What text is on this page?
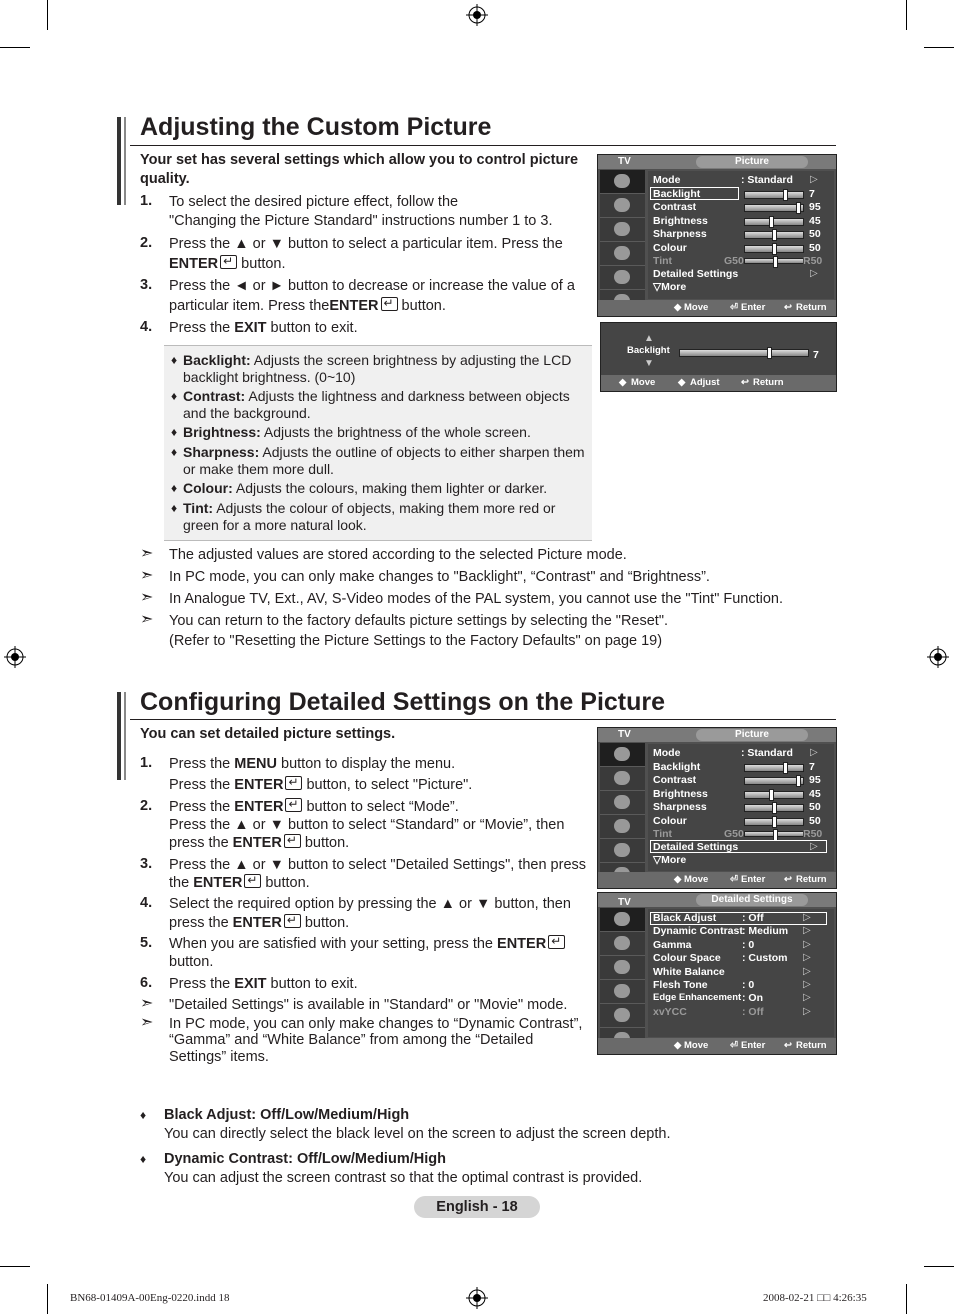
Adjusting the Custom Picture
Your set has several settings which allow you to control picture
quality.
1. To select the desired picture effect, follow the
"Changing the Picture Standard" instructions number 1 to 3.
2. Press the ▲ or ▼ button to select a particular item. Press the
ENTER↵ button.
3. Press the ◄ or ► button to decrease or increase the value of a
particular item. Press theENTER↵ button.
4. Press the EXIT button to exit.
♦ Backlight: Adjusts the screen brightness by adjusting the LCD
backlight brightness. (0~10)
♦ Contrast: Adjusts the lightness and darkness between objects
and the background.
♦ Brightness: Adjusts the brightness of the whole screen.
♦ Sharpness: Adjusts the outline of objects to either sharpen them
or make them more dull.
♦ Colour: Adjusts the colours, making them lighter or darker.
♦ Tint: Adjusts the colour of objects, making them more red or
green for a more natural look.
➣ The adjusted values are stored according to the selected Picture mode.
➣ In PC mode, you can only make changes to "Backlight", “Contrast" and “Brightness”.
➣ In Analogue TV, Ext., AV, S-Video modes of the PAL system, you cannot use the "Tint" Function.
➣ You can return to the factory defaults picture settings by selecting the "Reset".
(Refer to "Resetting the Picture Settings to the Factory Defaults" on page 19)
TV	Picture
Mode	: Standard ▷
Backlight	7
Contrast	95
Brightness	45
Sharpness	50
Colour	50
Tint	G50	R50
Detailed Settings	▷
▽More
◆ Move ⏎ Enter ↩ Return
▲
Backlight
▼
7
◆ Move ◆ Adjust ↩ Return
Configuring Detailed Settings on the Picture
You can set detailed picture settings.
1. Press the MENU button to display the menu.
Press the ENTER↵ button, to select "Picture".
2. Press the ENTER↵ button to select “Mode”.
Press the ▲ or ▼ button to select “Standard” or “Movie”, then
press the ENTER↵ button.
3. Press the ▲ or ▼ button to select "Detailed Settings", then press
the ENTER↵ button.
4. Select the required option by pressing the ▲ or ▼ button, then
press the ENTER↵ button.
5. When you are satisfied with your setting, press the ENTER↵
button.
6. Press the EXIT button to exit.
➣ "Detailed Settings" is available in "Standard" or "Movie" mode.
➣ In PC mode, you can only make changes to “Dynamic Contrast”,
“Gamma” and “White Balance” from among the “Detailed
Settings” items.
TV	Picture
Mode	: Standard ▷
Backlight	7
Contrast	95
Brightness	45
Sharpness	50
Colour	50
Tint	G50	R50
Detailed Settings	▷
▽More
◆ Move ⏎ Enter ↩ Return
TV	Detailed Settings
Black Adjust : Off	▷
Dynamic Contrast : Medium ▷
Gamma	: 0	▷
Colour Space : Custom ▷
White Balance	▷
Flesh Tone	: 0	▷
Edge Enhancement : On	▷
xvYCC	: Off	▷
◆ Move ⏎ Enter ↩ Return
♦ Black Adjust: Off/Low/Medium/High
You can directly select the black level on the screen to adjust the screen depth.
♦ Dynamic Contrast: Off/Low/Medium/High
You can adjust the screen contrast so that the optimal contrast is provided.
English - 18
BN68-01409A-00Eng-0220.indd 18	2008-02-21 □□ 4:26:35
